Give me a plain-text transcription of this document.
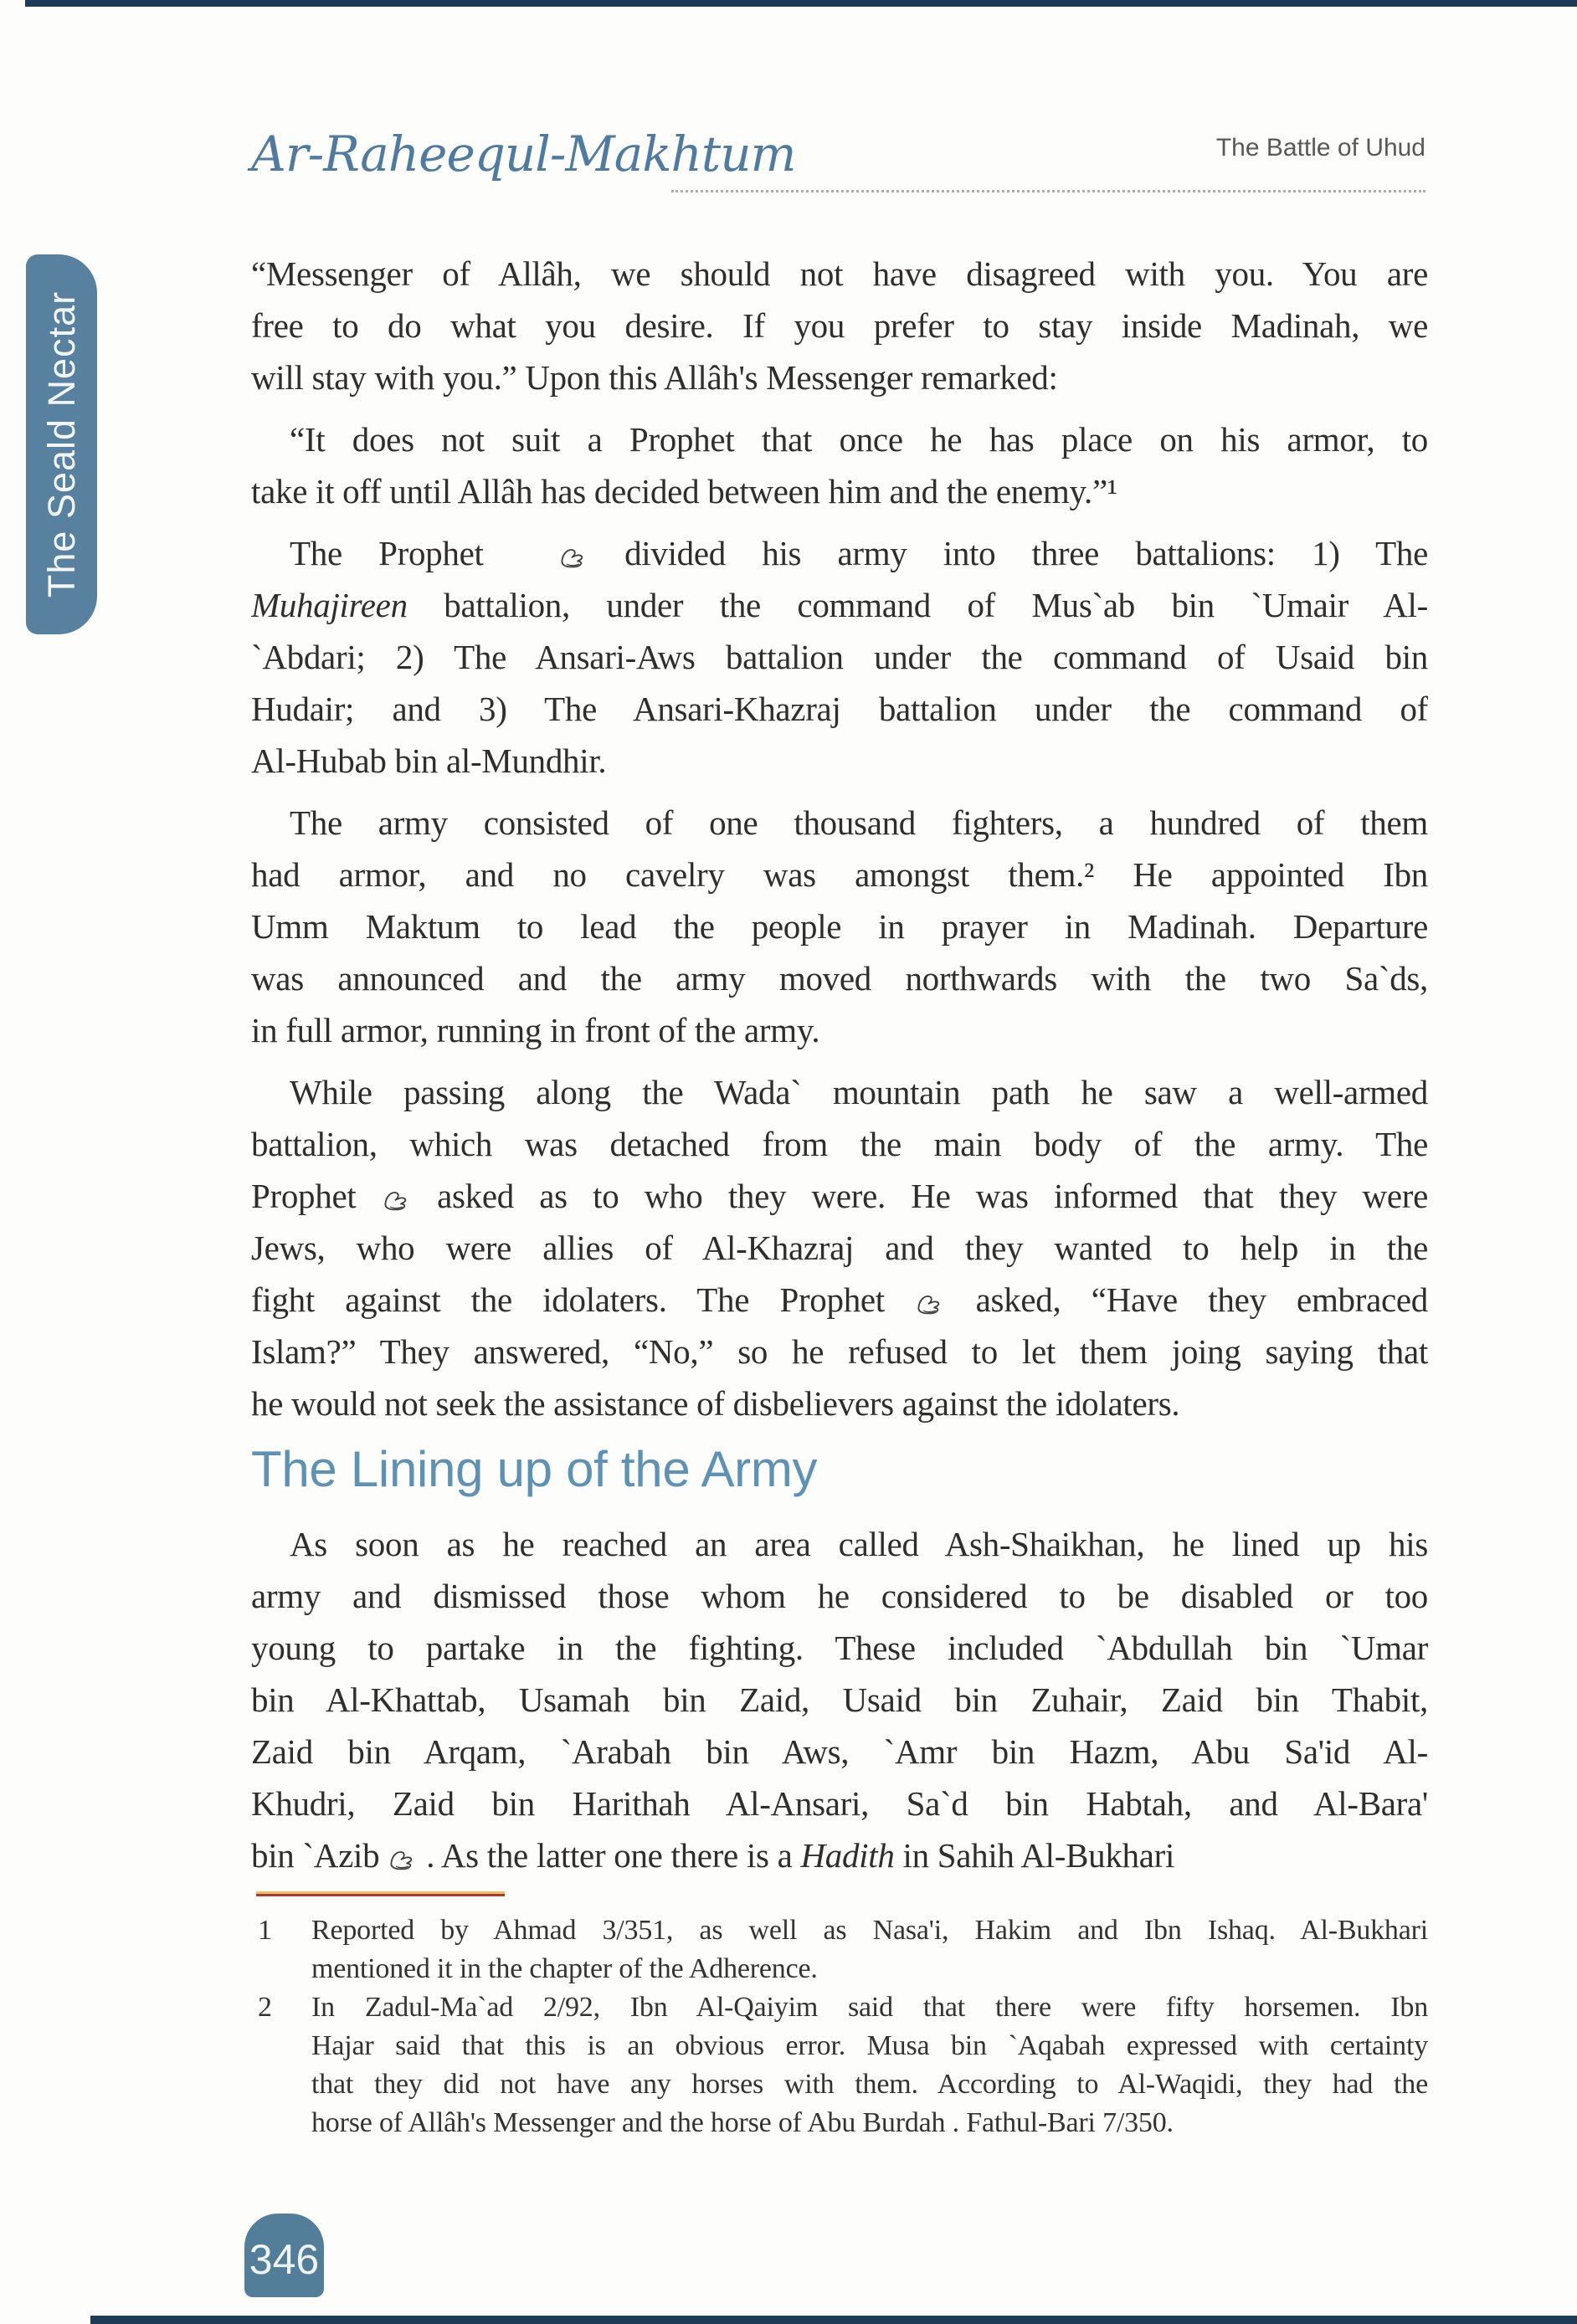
The Seald Nectar
Ar-Raheequl-Makhtum	The Battle of Uhud
“Messenger of Allâh, we should not have disagreed with you. You are
free to do what you desire. If you prefer to stay inside Madinah, we
will stay with you.” Upon this Allâh's Messenger remarked:
“It does not suit a Prophet that once he has place on his armor, to
take it off until Allâh has decided between him and the enemy.”¹
The Prophet  divided his army into three battalions: 1) The
Muhajireen battalion, under the command of Mus`ab bin `Umair Al-
`Abdari; 2) The Ansari-Aws battalion under the command of Usaid bin
Hudair; and 3) The Ansari-Khazraj battalion under the command of
Al-Hubab bin al-Mundhir.
The army consisted of one thousand fighters, a hundred of them
had armor, and no cavelry was amongst them.² He appointed Ibn
Umm Maktum to lead the people in prayer in Madinah. Departure
was announced and the army moved northwards with the two Sa`ds,
in full armor, running in front of the army.
While passing along the Wada` mountain path he saw a well-armed
battalion, which was detached from the main body of the army. The
Prophet  asked as to who they were. He was informed that they were
Jews, who were allies of Al-Khazraj and they wanted to help in the
fight against the idolaters. The Prophet  asked, “Have they embraced
Islam?” They answered, “No,” so he refused to let them joing saying that
he would not seek the assistance of disbelievers against the idolaters.
The Lining up of the Army
As soon as he reached an area called Ash-Shaikhan, he lined up his
army and dismissed those whom he considered to be disabled or too
young to partake in the fighting. These included `Abdullah bin `Umar
bin Al-Khattab, Usamah bin Zaid, Usaid bin Zuhair, Zaid bin Thabit,
Zaid bin Arqam, `Arabah bin Aws, `Amr bin Hazm, Abu Sa'id Al-
Khudri, Zaid bin Harithah Al-Ansari, Sa`d bin Habtah, and Al-Bara'
bin `Azib  . As the latter one there is a Hadith in Sahih Al-Bukhari
1	Reported by Ahmad 3/351, as well as Nasa'i, Hakim and Ibn Ishaq. Al-Bukhari
mentioned it in the chapter of the Adherence.
2	In Zadul-Ma`ad 2/92, Ibn Al-Qaiyim said that there were fifty horsemen. Ibn
Hajar said that this is an obvious error. Musa bin `Aqabah expressed with certainty
that they did not have any horses with them. According to Al-Waqidi, they had the
horse of Allâh's Messenger and the horse of Abu Burdah . Fathul-Bari 7/350.
346
